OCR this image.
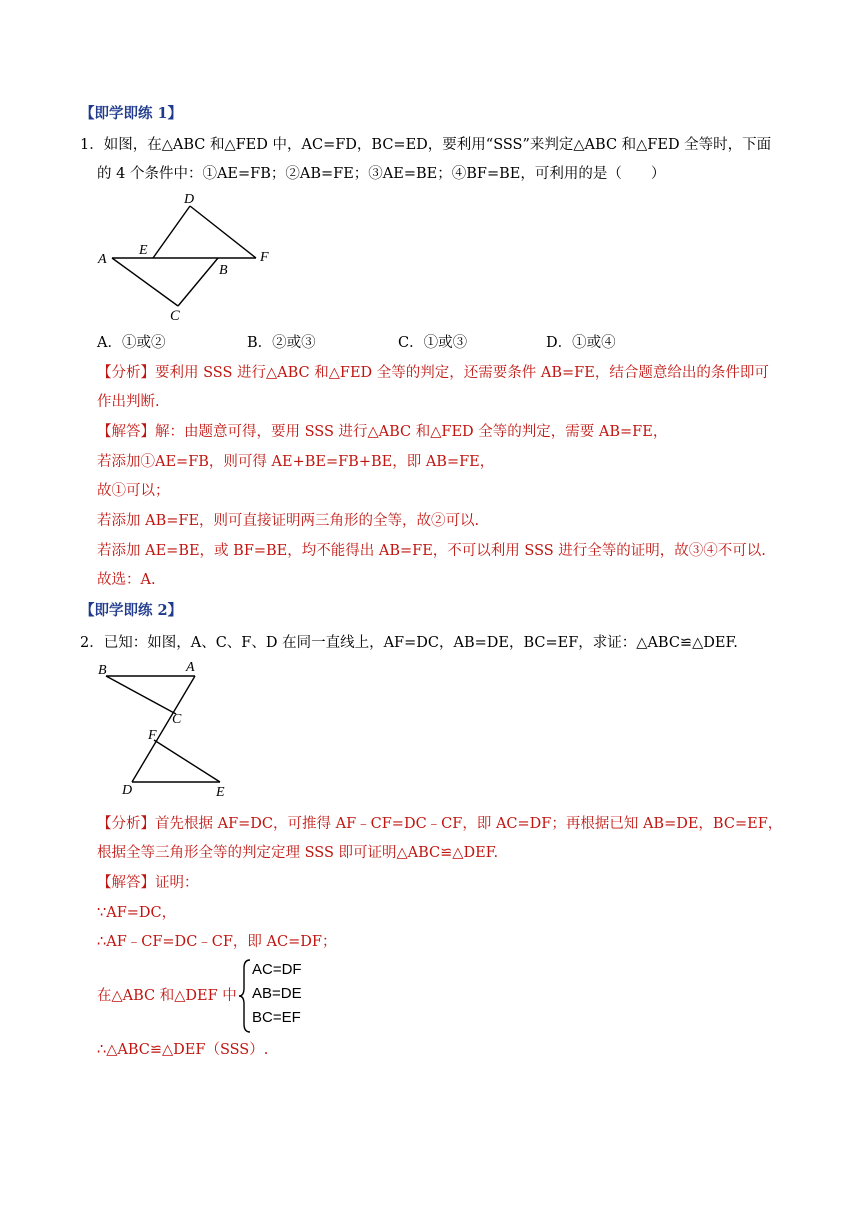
【即学即练 1】
1．如图，在△ABC 和△FED 中，AC=FD，BC=ED，要利用“SSS”来判定△ABC 和△FED 全等时，下面
的 4 个条件中：①AE=FB；②AB=FE；③AE=BE；④BF=BE，可利用的是（　　）
A
E
B
F
D
C
A．①或②	B．②或③	C．①或③	D．①或④
【分析】要利用 SSS 进行△ABC 和△FED 全等的判定，还需要条件 AB=FE，结合题意给出的条件即可
作出判断.
【解答】解：由题意可得，要用 SSS 进行△ABC 和△FED 全等的判定，需要 AB=FE，
若添加①AE=FB，则可得 AE+BE=FB+BE，即 AB=FE，
故①可以；
若添加 AB=FE，则可直接证明两三角形的全等，故②可以.
若添加 AE=BE，或 BF=BE，均不能得出 AB=FE，不可以利用 SSS 进行全等的证明，故③④不可以.
故选：A.
【即学即练 2】
2．已知：如图，A、C、F、D 在同一直线上，AF=DC，AB=DE，BC=EF，求证：△ABC≌△DEF.
B	A
C
F
D	E
【分析】首先根据 AF=DC，可推得 AF﹣CF=DC﹣CF，即 AC=DF；再根据已知 AB=DE，BC=EF，
根据全等三角形全等的判定定理 SSS 即可证明△ABC≌△DEF.
【解答】证明：
∵AF=DC，
∴AF﹣CF=DC﹣CF，即 AC=DF；
在△ABC 和△DEF 中
AC=DF
AB=DE
BC=EF
∴△ABC≌△DEF（SSS）.
